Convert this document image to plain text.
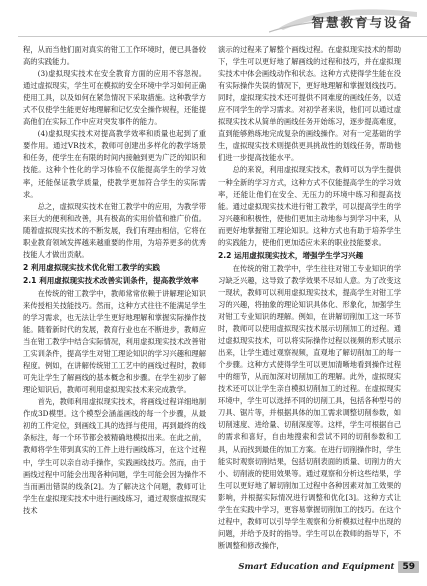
智慧教育与设备

程，从而当他们面对真实的钳工工作环境时，便已具备较高的实践能力。

(3)虚拟现实技术在安全教育方面的应用不容忽视。通过虚拟现实，学生可在模拟的安全环境中学习如何正确使用工具，以及如何在紧急情况下采取措施。这种教学方式不仅使学生能更好地理解和记忆安全操作规程，还能提高他们在实际工作中应对突发事件的能力。

(4)虚拟现实技术对提高教学效率和质量也起到了重要作用。通过VR技术，教师可创建出多样化的教学场景和任务，使学生在有限的时间内接触到更为广泛的知识和技能。这种个性化的学习体验不仅能提高学生的学习效率，还能保证教学质量，使教学更加符合学生的实际需求。

总之，虚拟现实技术在钳工教学中的应用，为教学带来巨大的便利和改善，具有极高的实用价值和推广价值。随着虚拟现实技术的不断发展，我们有理由相信，它将在职业教育领域发挥越来越重要的作用，为培养更多的优秀技能人才做出贡献。

2 利用虚拟现实技术优化钳工教学的实践
2.1 利用虚拟现实技术改善实训条件，提高教学效率

在传统的钳工教学中，教师常常依赖于讲解理论知识来传授相关技能技巧。然而，这种方式往往不能满足学生的学习需求，也无法让学生更好地理解和掌握实际操作技能。随着新时代的发展，教育行业也在不断进步，教师应当在钳工教学中结合实际情况，利用虚拟现实技术改善钳工实训条件，提高学生对钳工理论知识的学习兴趣和理解程度。例如，在讲解传统钳工工艺中的画线过程时，教师可先让学生了解画线的基本概念和步骤。在学生初步了解理论知识后，教师可利用虚拟现实技术来完成教学。

首先，教师利用虚拟现实技术，将画线过程详细地制作成3D模型。这个模型会涵盖画线的每一个步骤，从最初的工件定位，到画线工具的选择与使用，再到最终的线条标注，每一个环节都会被精确地模拟出来。在此之前，教师将学生带到真实的工件上进行画线练习，在这个过程中，学生可以亲自动手操作，实践画线技巧。然而，由于画线过程中可能会出现各种问题，学生可能会因为操作不当而画出错误的线条[2]。为了解决这个问题，教师可让学生在虚拟现实技术中进行画线练习，通过观察虚拟现实技术

演示的过程来了解整个画线过程。在虚拟现实技术的帮助下，学生可以更好地了解画线的过程和技巧，并在虚拟现实技术中体会画线动作和状态。这种方式使得学生能在没有实际操作失误的情况下，更好地理解和掌握划线技巧。同时，虚拟现实技术还可提供不同难度的画线任务，以适应不同学生的学习需求。对初学者来说，他们可以通过虚拟现实技术从简单的画线任务开始练习，逐步提高难度，直到能够熟练地完成复杂的画线操作。对有一定基础的学生，虚拟现实技术则提供更具挑战性的划线任务，帮助他们进一步提高技能水平。

总的来说，利用虚拟现实技术，教师可以为学生提供一种全新的学习方式，这种方式不仅能提高学生的学习效率，还能让他们在安全、无压力的环境中练习和提高技能。通过虚拟现实技术进行钳工教学，可以提高学生的学习兴趣和积极性，使他们更加主动地参与到学习中来，从而更好地掌握钳工理论知识。这种方式也有助于培养学生的实践能力，使他们更加适应未来的职业技能要求。

2.2 运用虚拟现实技术，增强学生学习兴趣

在传统的钳工教学中，学生往往对钳工专业知识的学习缺乏兴趣，这导致了教学效果不尽如人意。为了改变这一现状，教师可以利用虚拟现实技术，提高学生对钳工学习的兴趣，将抽象的理论知识具体化、形象化，加强学生对钳工专业知识的理解。例如，在讲解切削加工这一环节时，教师可以使用虚拟现实技术展示切削加工的过程。通过虚拟现实技术，可以将实际操作过程以视频的形式展示出来，让学生通过观察视频，直观地了解切削加工的每一个步骤。这种方式使得学生可以更加清晰地看到操作过程中的细节，从而加深对切削加工的理解。此外，虚拟现实技术还可以让学生亲自模拟切削加工的过程。在虚拟现实环境中，学生可以选择不同的切削工具，包括各种型号的刀具、锯片等，并根据具体的加工需求调整切削参数，如切削速度、进给量、切削深度等。这样，学生可根据自己的需求和喜好，自由地搜索和尝试不同的切削参数和工具，从而找到最佳的加工方案。在进行切削操作时，学生能实时观察切削结果，包括切削表面的质量、切削力的大小、切削液的使用效果等。通过观察和分析这些结果，学生可以更好地了解切削加工过程中各种因素对加工效果的影响，并根据实际情况进行调整和优化[3]。这种方式让学生在实践中学习，更容易掌握切削加工的技巧。在这个过程中，教师可以引导学生观察和分析模拟过程中出现的问题，并给予及时的指导。学生可以在教师的指导下，不断调整和修改操作，

Smart Education and Equipment 59
